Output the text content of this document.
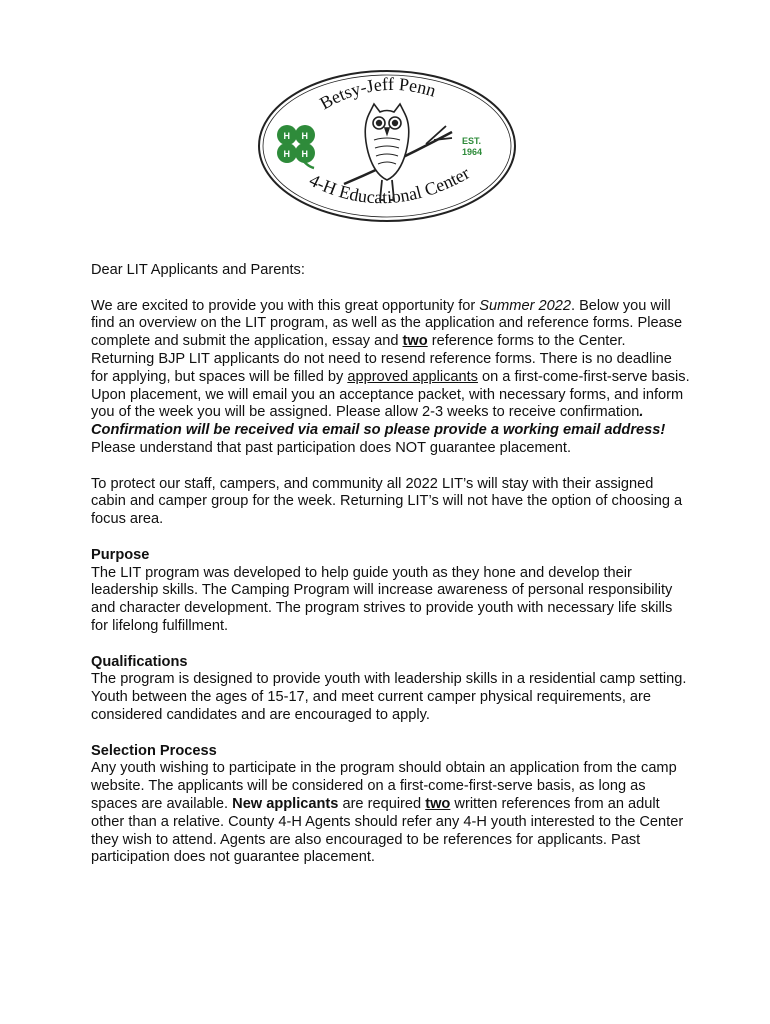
Betsy-Jeff Penn
4-H Educational Center
H H
H H
EST.
1964

Dear LIT Applicants and Parents:

We are excited to provide you with this great opportunity for Summer 2022. Below you will find an overview on the LIT program, as well as the application and reference forms. Please complete and submit the application, essay and two reference forms to the Center. Returning BJP LIT applicants do not need to resend reference forms. There is no deadline for applying, but spaces will be filled by approved applicants on a first-come-first-serve basis. Upon placement, we will email you an acceptance packet, with necessary forms, and inform you of the week you will be assigned. Please allow 2-3 weeks to receive confirmation. Confirmation will be received via email so please provide a working email address! Please understand that past participation does NOT guarantee placement.

To protect our staff, campers, and community all 2022 LIT’s will stay with their assigned cabin and camper group for the week. Returning LIT’s will not have the option of choosing a focus area.

Purpose
The LIT program was developed to help guide youth as they hone and develop their leadership skills. The Camping Program will increase awareness of personal responsibility and character development. The program strives to provide youth with necessary life skills for lifelong fulfillment.

Qualifications
The program is designed to provide youth with leadership skills in a residential camp setting. Youth between the ages of 15-17, and meet current camper physical requirements, are considered candidates and are encouraged to apply.

Selection Process
Any youth wishing to participate in the program should obtain an application from the camp website. The applicants will be considered on a first-come-first-serve basis, as long as spaces are available. New applicants are required two written references from an adult other than a relative. County 4-H Agents should refer any 4-H youth interested to the Center they wish to attend. Agents are also encouraged to be references for applicants. Past participation does not guarantee placement.
